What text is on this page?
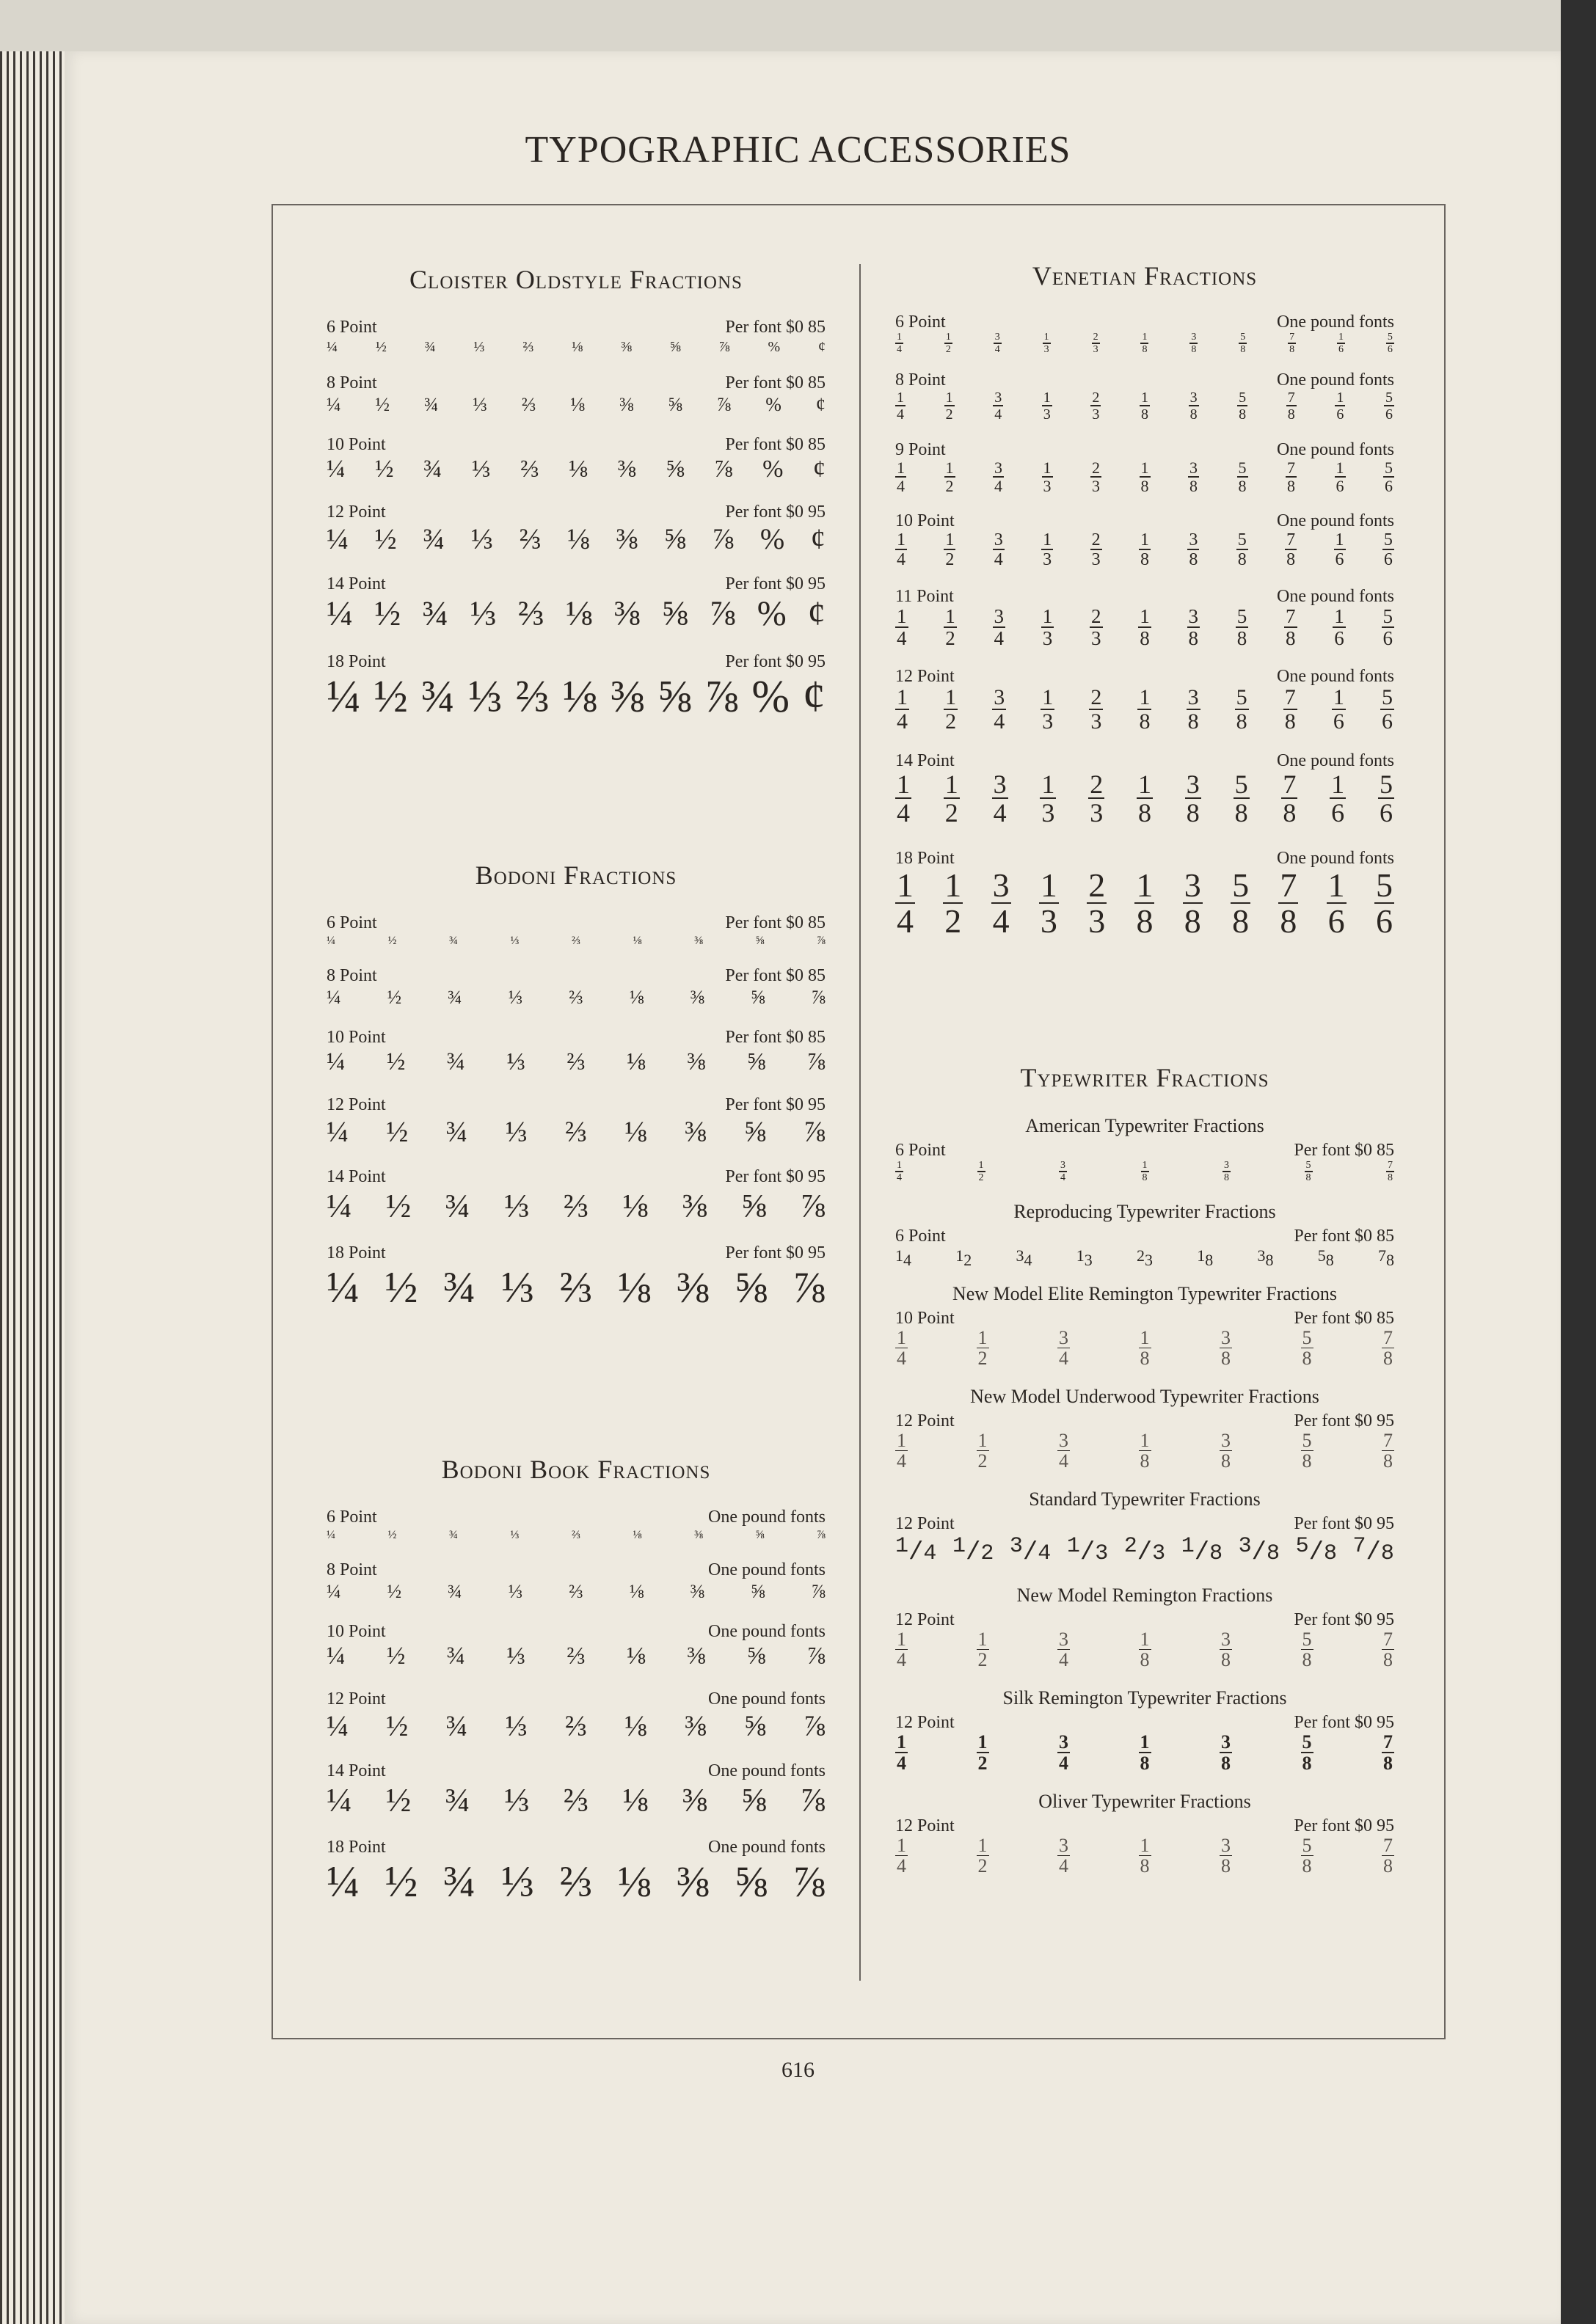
TYPOGRAPHIC ACCESSORIES
Cloister Oldstyle Fractions
6 Point	Per font $0 85
¼	½	¾	⅓	⅔	⅛	⅜	⅝	⅞	%	¢
8 Point	Per font $0 85
¼ ½ ¾ ⅓ ⅔ ⅛ ⅜ ⅝ ⅞ % ¢
10 Point	Per font $0 85
¼ ½ ¾ ⅓ ⅔ ⅛ ⅜ ⅝ ⅞ % ¢
12 Point	Per font $0 95
¼ ½ ¾ ⅓ ⅔ ⅛ ⅜ ⅝ ⅞ % ¢
14 Point	Per font $0 95
¼ ½ ¾ ⅓ ⅔ ⅛ ⅜ ⅝ ⅞ % ¢
18 Point	Per font $0 95
¼ ½ ¾ ⅓ ⅔ ⅛ ⅜ ⅝ ⅞ % ¢
Bodoni Fractions
6 Point	Per font $0 85
¼	½	¾	⅓	⅔	⅛	⅜	⅝	⅞
8 Point	Per font $0 85
¼ ½ ¾ ⅓ ⅔ ⅛ ⅜ ⅝ ⅞
10 Point	Per font $0 85
¼ ½ ¾ ⅓ ⅔ ⅛ ⅜ ⅝ ⅞
12 Point	Per font $0 95
¼ ½ ¾ ⅓ ⅔ ⅛ ⅜ ⅝ ⅞
14 Point	Per font $0 95
¼ ½ ¾ ⅓ ⅔ ⅛ ⅜ ⅝ ⅞
18 Point	Per font $0 95
¼ ½ ¾ ⅓ ⅔ ⅛ ⅜ ⅝ ⅞
Bodoni Book Fractions
6 Point	One pound fonts
¼	½	¾	⅓	⅔	⅛	⅜	⅝	⅞
8 Point	One pound fonts
¼ ½ ¾ ⅓ ⅔ ⅛ ⅜ ⅝ ⅞
10 Point	One pound fonts
¼ ½ ¾ ⅓ ⅔ ⅛ ⅜ ⅝ ⅞
12 Point	One pound fonts
¼ ½ ¾ ⅓ ⅔ ⅛ ⅜ ⅝ ⅞
14 Point	One pound fonts
¼ ½ ¾ ⅓ ⅔ ⅛ ⅜ ⅝ ⅞
18 Point	One pound fonts
¼ ½ ¾ ⅓ ⅔ ⅛ ⅜ ⅝ ⅞
Venetian Fractions
6 Point	One pound fonts
$\frac{1}{4}$	$\frac{1}{2}$	$\frac{3}{4}$	$\frac{1}{3}$	$\frac{2}{3}$	$\frac{1}{8}$	$\frac{3}{8}$	$\frac{5}{8}$	$\frac{7}{8}$	$\frac{1}{6}$	$\frac{5}{6}$
8 Point	One pound fonts
$\frac{1}{4}$	$\frac{1}{2}$	$\frac{3}{4}$	$\frac{1}{3}$	$\frac{2}{3}$	$\frac{1}{8}$	$\frac{3}{8}$	$\frac{5}{8}$	$\frac{7}{8}$	$\frac{1}{6}$	$\frac{5}{6}$
9 Point	One pound fonts
$\frac{1}{4} \frac{1}{2} \frac{3}{4} \frac{1}{3} \frac{2}{3} \frac{1}{8} \frac{3}{8} \frac{5}{8} \frac{7}{8} \frac{1}{6} \frac{5}{6}$
10 Point	One pound fonts
$\frac{1}{4} \frac{1}{2} \frac{3}{4} \frac{1}{3} \frac{2}{3} \frac{1}{8} \frac{3}{8} \frac{5}{8} \frac{7}{8} \frac{1}{6} \frac{5}{6}$
11 Point	One pound fonts
$\frac{1}{4} \frac{1}{2} \frac{3}{4} \frac{1}{3} \frac{2}{3} \frac{1}{8} \frac{3}{8} \frac{5}{8} \frac{7}{8} \frac{1}{6} \frac{5}{6}$
12 Point	One pound fonts
$\frac{1}{4} \frac{1}{2} \frac{3}{4} \frac{1}{3} \frac{2}{3} \frac{1}{8} \frac{3}{8} \frac{5}{8} \frac{7}{8} \frac{1}{6} \frac{5}{6}$
14 Point	One pound fonts
$\frac{1}{4} \frac{1}{2} \frac{3}{4} \frac{1}{3} \frac{2}{3} \frac{1}{8} \frac{3}{8} \frac{5}{8} \frac{7}{8} \frac{1}{6} \frac{5}{6}$
18 Point	One pound fonts
$\frac{1}{4} \frac{1}{2} \frac{3}{4} \frac{1}{3} \frac{2}{3} \frac{1}{8} \frac{3}{8} \frac{5}{8} \frac{7}{8} \frac{1}{6} \frac{5}{6}$
Typewriter Fractions
American Typewriter Fractions
6 Point	Per font $0 85
$\frac{1}{4}$	$\frac{1}{2}$	$\frac{3}{4}$	$\frac{1}{8}$	$\frac{3}{8}$	$\frac{5}{8}$	$\frac{7}{8}$
Reproducing Typewriter Fractions
6 Point	Per font $0 85
14	12	34	13	23	18	38	58	78
New Model Elite Remington Typewriter Fractions
10 Point	Per font $0 85
$\frac{1}{4}$	$\frac{1}{2}$	$\frac{3}{4}$	$\frac{1}{8}$	$\frac{3}{8}$	$\frac{5}{8}$	$\frac{7}{8}$
New Model Underwood Typewriter Fractions
12 Point	Per font $0 95
$\frac{1}{4}$	$\frac{1}{2}$	$\frac{3}{4}$	$\frac{1}{8}$	$\frac{3}{8}$	$\frac{5}{8}$	$\frac{7}{8}$
Standard Typewriter Fractions
12 Point	Per font $0 95
1/4 1/2 3/4 1/3 2/3 1/8 3/8 5/8 7/8
New Model Remington Fractions
12 Point	Per font $0 95
$\frac{1}{4}$	$\frac{1}{2}$	$\frac{3}{4}$	$\frac{1}{8}$	$\frac{3}{8}$	$\frac{5}{8}$	$\frac{7}{8}$
Silk Remington Typewriter Fractions
12 Point	Per font $0 95
$\frac{1}{4}$	$\frac{1}{2}$	$\frac{3}{4}$	$\frac{1}{8}$	$\frac{3}{8}$	$\frac{5}{8}$	$\frac{7}{8}$
Oliver Typewriter Fractions
12 Point	Per font $0 95
$\frac{1}{4}$	$\frac{1}{2}$	$\frac{3}{4}$	$\frac{1}{8}$	$\frac{3}{8}$	$\frac{5}{8}$	$\frac{7}{8}$
616
